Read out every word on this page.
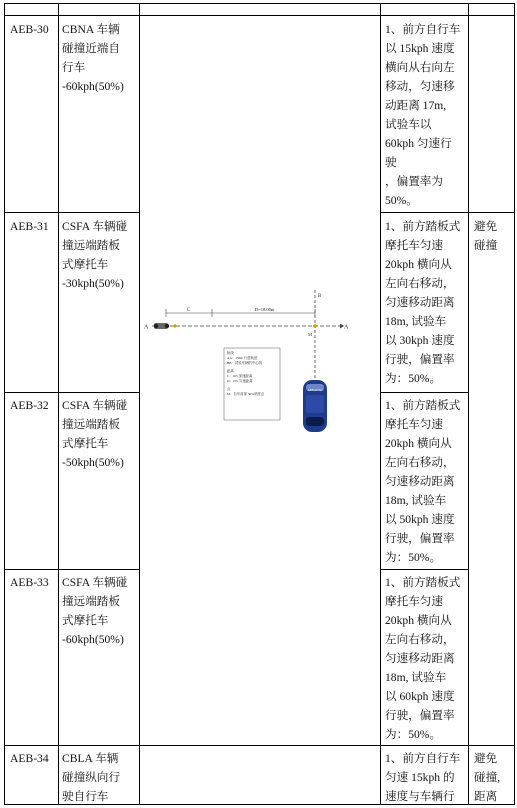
AEB-30 CBNA 车辆
碰撞近端自
行车
-60kph(50%)
1、前方自行车
以 15kph 速度
横向从右向左
移动，匀速移
动距离 17m,
试验车以
60kph 匀速行
驶
，偏置率为
50%。
AEB-31 CSFA 车辆碰
撞远端踏板
式摩托车
-30kph(50%)
1、前方踏板式
摩托车匀速
20kph 横向从
左向右移动，
匀速移动距离
18m, 试验车
以 30kph 速度
行驶，偏置率
为：50%。
避免
碰撞
AEB-32 CSFA 车辆碰
撞远端踏板
式摩托车
-50kph(50%)
1、前方踏板式
摩托车匀速
20kph 横向从
左向右移动，
匀速移动距离
18m, 试验车
以 50kph 速度
行驶，偏置率
为：50%。
AEB-33 CSFA 车辆碰
撞远端踏板
式摩托车
-60kph(50%)
1、前方踏板式
摩托车匀速
20kph 横向从
左向右移动，
匀速移动距离
18m, 试验车
以 60kph 速度
行驶，偏置率
为：50%。
AEB-34 CBLA 车辆
碰撞纵向行
驶自行车
1、前方自行车
匀速 15kph 的
速度与车辆行
避免
碰撞,
距离
A	A
C	D=18.00m
B
M
轨线
AA：150m 行进轨迹
BB：试验车辆的中心线
距离
C：10S 加速距离
D：15S 匀速距离
点
M：自车前部 50%宽度点
AEB AUTO
